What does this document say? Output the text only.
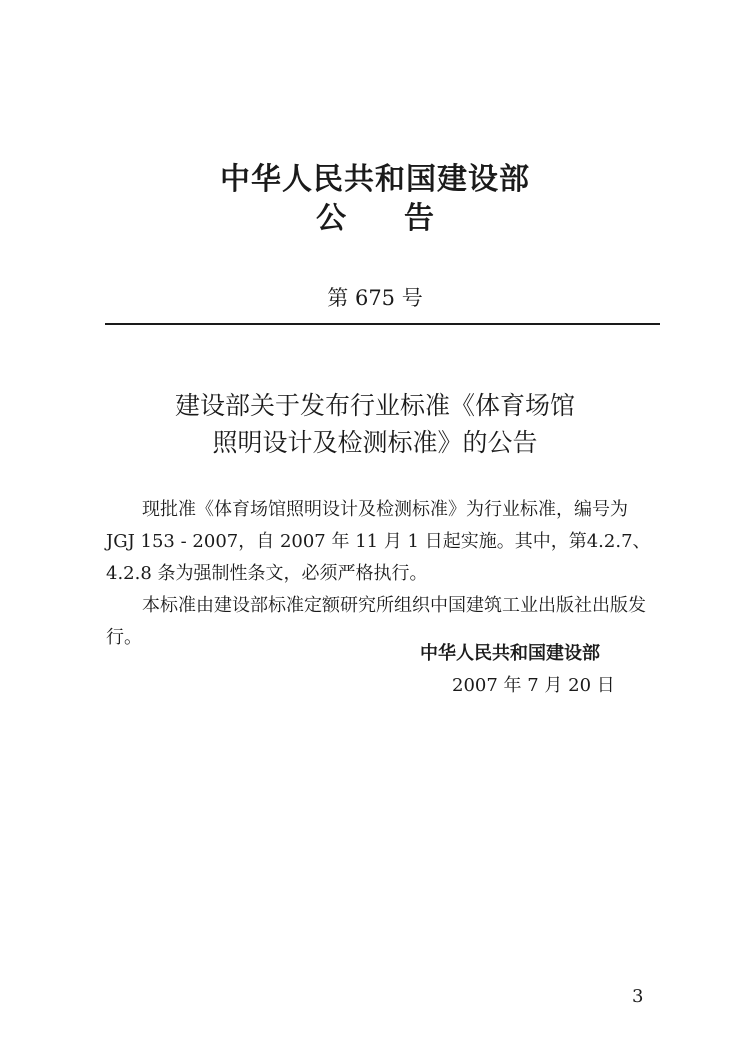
中华人民共和国建设部
公告
第 675 号
建设部关于发布行业标准《体育场馆
照明设计及检测标准》的公告

现批准《体育场馆照明设计及检测标准》为行业标准，编号为 JGJ 153 - 2007，自 2007 年 11 月 1 日起实施。其中，第4.2.7、4.2.8 条为强制性条文，必须严格执行。

本标准由建设部标准定额研究所组织中国建筑工业出版社出版发行。

中华人民共和国建设部
2007 年 7 月 20 日
3
